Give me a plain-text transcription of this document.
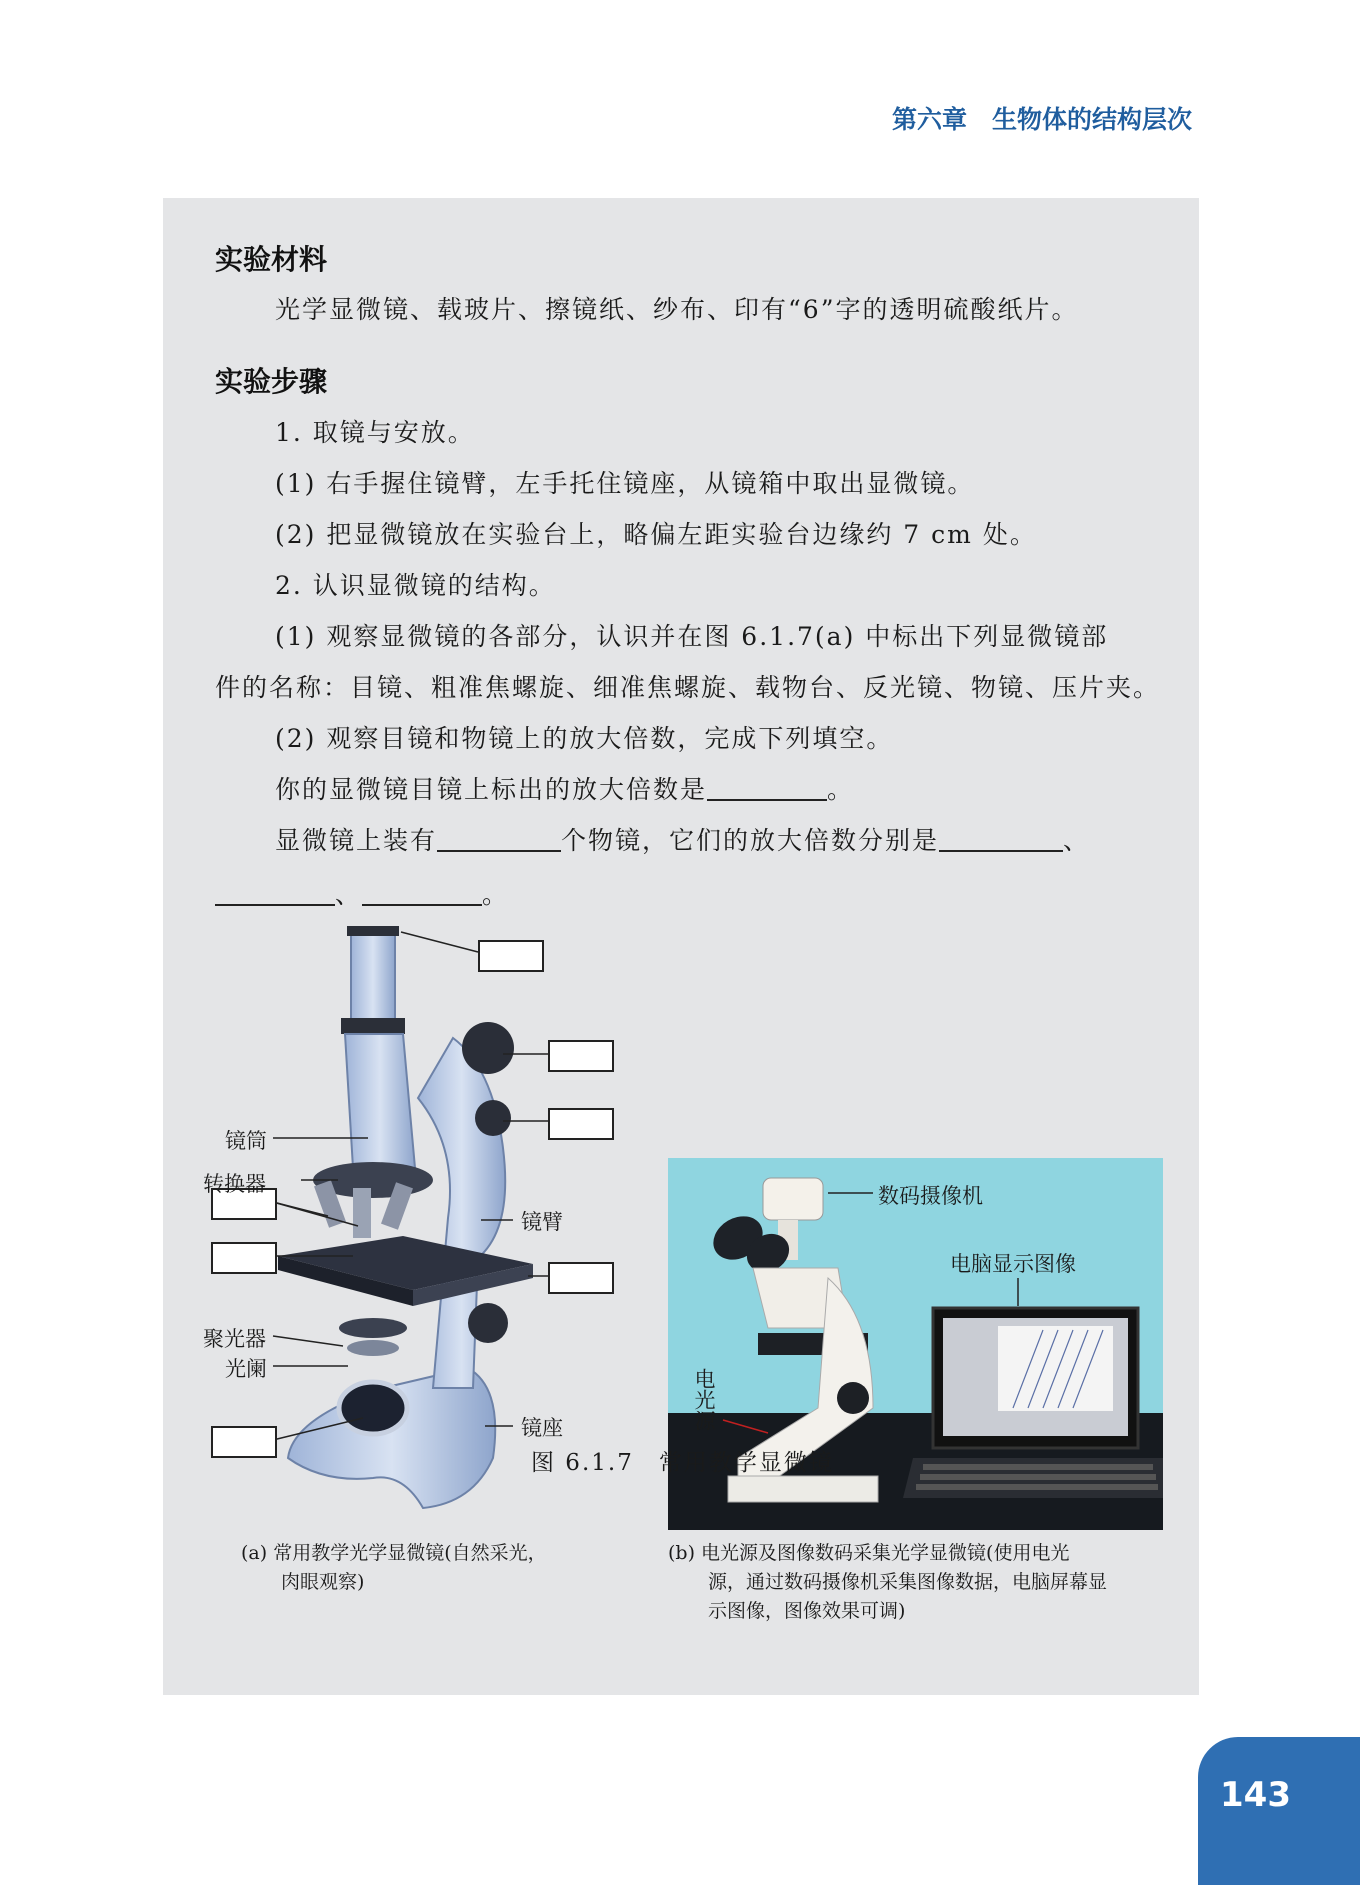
第六章　生物体的结构层次
实验材料
光学显微镜、载玻片、擦镜纸、纱布、印有“6”字的透明硫酸纸片。
实验步骤
1. 取镜与安放。
(1) 右手握住镜臂，左手托住镜座，从镜箱中取出显微镜。
(2) 把显微镜放在实验台上，略偏左距实验台边缘约 7 cm 处。
2. 认识显微镜的结构。
(1) 观察显微镜的各部分，认识并在图 6.1.7(a) 中标出下列显微镜部
件的名称：目镜、粗准焦螺旋、细准焦螺旋、载物台、反光镜、物镜、压片夹。
(2) 观察目镜和物镜上的放大倍数，完成下列填空。
你的显微镜目镜上标出的放大倍数是	。
显微镜上装有	个物镜，它们的放大倍数分别是	、
、	。
镜筒
转换器
镜臂
聚光器
光阑
镜座
数码摄像机
电脑显示图像
电光源
(a) 常用教学光学显微镜(自然采光，
肉眼观察)
(b) 电光源及图像数码采集光学显微镜(使用电光
源，通过数码摄像机采集图像数据，电脑屏幕显
示图像，图像效果可调)
图 6.1.7　常用教学显微镜
143
